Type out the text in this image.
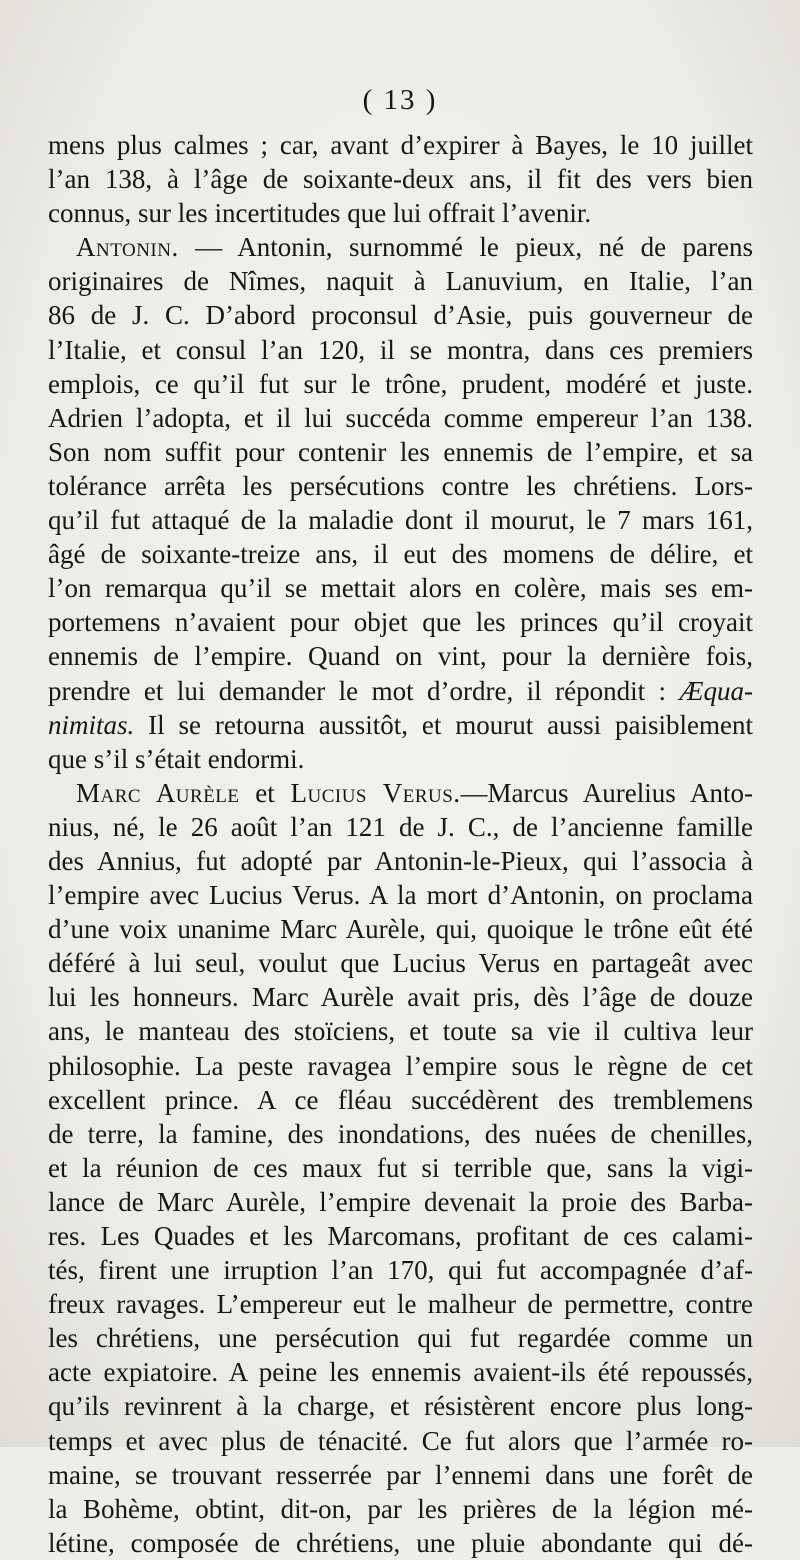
( 13 )
mens plus calmes ; car, avant d’expirer à Bayes, le 10 juillet
l’an 138, à l’âge de soixante-deux ans, il fit des vers bien
connus, sur les incertitudes que lui offrait l’avenir.
Antonin. — Antonin, surnommé le pieux, né de parens
originaires de Nîmes, naquit à Lanuvium, en Italie, l’an
86 de J. C. D’abord proconsul d’Asie, puis gouverneur de
l’Italie, et consul l’an 120, il se montra, dans ces premiers
emplois, ce qu’il fut sur le trône, prudent, modéré et juste.
Adrien l’adopta, et il lui succéda comme empereur l’an 138.
Son nom suffit pour contenir les ennemis de l’empire, et sa
tolérance arrêta les persécutions contre les chrétiens. Lors-
qu’il fut attaqué de la maladie dont il mourut, le 7 mars 161,
âgé de soixante-treize ans, il eut des momens de délire, et
l’on remarqua qu’il se mettait alors en colère, mais ses em-
portemens n’avaient pour objet que les princes qu’il croyait
ennemis de l’empire. Quand on vint, pour la dernière fois,
prendre et lui demander le mot d’ordre, il répondit : Æqua-
nimitas. Il se retourna aussitôt, et mourut aussi paisiblement
que s’il s’était endormi.
Marc Aurèle et Lucius Verus.—Marcus Aurelius Anto-
nius, né, le 26 août l’an 121 de J. C., de l’ancienne famille
des Annius, fut adopté par Antonin-le-Pieux, qui l’associa à
l’empire avec Lucius Verus. A la mort d’Antonin, on proclama
d’une voix unanime Marc Aurèle, qui, quoique le trône eût été
déféré à lui seul, voulut que Lucius Verus en partageât avec
lui les honneurs. Marc Aurèle avait pris, dès l’âge de douze
ans, le manteau des stoïciens, et toute sa vie il cultiva leur
philosophie. La peste ravagea l’empire sous le règne de cet
excellent prince. A ce fléau succédèrent des tremblemens
de terre, la famine, des inondations, des nuées de chenilles,
et la réunion de ces maux fut si terrible que, sans la vigi-
lance de Marc Aurèle, l’empire devenait la proie des Barba-
res. Les Quades et les Marcomans, profitant de ces calami-
tés, firent une irruption l’an 170, qui fut accompagnée d’af-
freux ravages. L’empereur eut le malheur de permettre, contre
les chrétiens, une persécution qui fut regardée comme un
acte expiatoire. A peine les ennemis avaient-ils été repoussés,
qu’ils revinrent à la charge, et résistèrent encore plus long-
temps et avec plus de ténacité. Ce fut alors que l’armée ro-
maine, se trouvant resserrée par l’ennemi dans une forêt de
la Bohème, obtint, dit-on, par les prières de la légion mé-
létine, composée de chrétiens, une pluie abondante qui dé-
